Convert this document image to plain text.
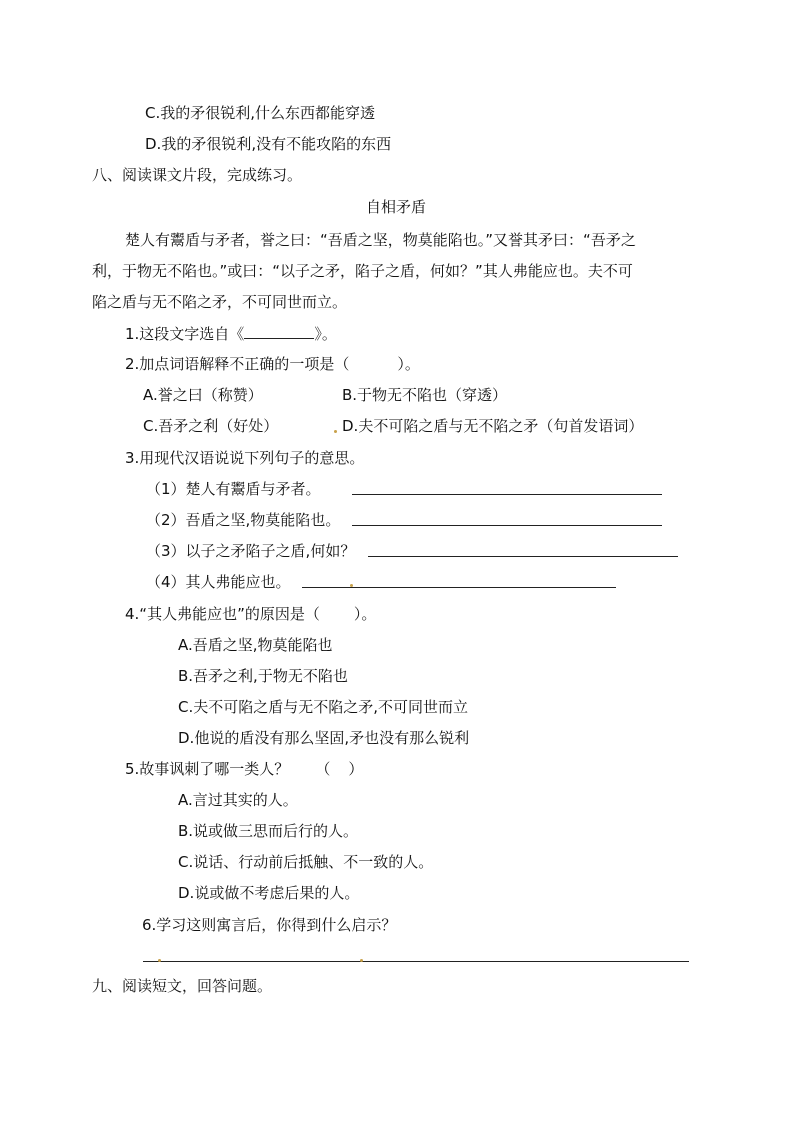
C.我的矛很锐利,什么东西都能穿透
D.我的矛很锐利,没有不能攻陷的东西
八、阅读课文片段，完成练习。
自相矛盾
楚人有鬻盾与矛者，誉之曰：“吾盾之坚，物莫能陷也。”又誉其矛曰：“吾矛之
利，于物无不陷也。”或曰：“以子之矛，陷子之盾，何如？”其人弗能应也。夫不可
陷之盾与无不陷之矛，不可同世而立。
1.这段文字选自《	》。
2.加点词语解释不正确的一项是（	）。
A.誉之曰（称赞）	B.于物无不陷也（穿透）
C.吾矛之利（好处）	D.夫不可陷之盾与无不陷之矛（句首发语词）
3.用现代汉语说说下列句子的意思。
（1）楚人有鬻盾与矛者。
（2）吾盾之坚,物莫能陷也。
（3）以子之矛陷子之盾,何如？
（4）其人弗能应也。
4.“其人弗能应也”的原因是（ ）。
A.吾盾之坚,物莫能陷也
B.吾矛之利,于物无不陷也
C.夫不可陷之盾与无不陷之矛,不可同世而立
D.他说的盾没有那么坚固,矛也没有那么锐利
5.故事讽刺了哪一类人？ （ ）
A.言过其实的人。
B.说或做三思而后行的人。
C.说话、行动前后抵触、不一致的人。
D.说或做不考虑后果的人。
6.学习这则寓言后，你得到什么启示？
九、阅读短文，回答问题。
